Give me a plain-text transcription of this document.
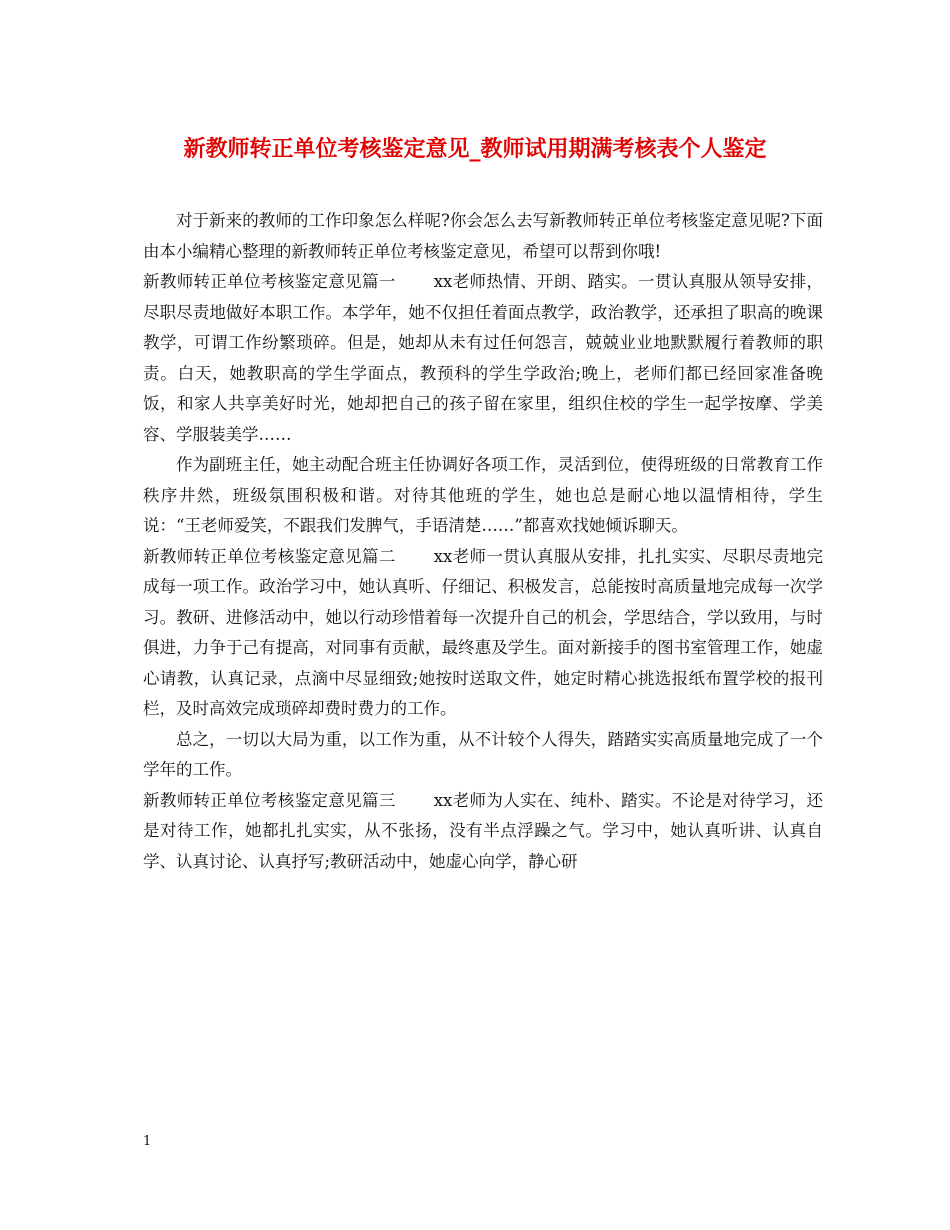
新教师转正单位考核鉴定意见_教师试用期满考核表个人鉴定

对于新来的教师的工作印象怎么样呢?你会怎么去写新教师转正单位考核鉴定意见呢?下面由本小编精心整理的新教师转正单位考核鉴定意见，希望可以帮到你哦!

新教师转正单位考核鉴定意见篇一 xx老师热情、开朗、踏实。一贯认真服从领导安排，尽职尽责地做好本职工作。本学年，她不仅担任着面点教学，政治教学，还承担了职高的晚课教学，可谓工作纷繁琐碎。但是，她却从未有过任何怨言，兢兢业业地默默履行着教师的职责。白天，她教职高的学生学面点，教预科的学生学政治;晚上，老师们都已经回家准备晚饭，和家人共享美好时光，她却把自己的孩子留在家里，组织住校的学生一起学按摩、学美容、学服装美学……

作为副班主任，她主动配合班主任协调好各项工作，灵活到位，使得班级的日常教育工作秩序井然，班级氛围积极和谐。对待其他班的学生，她也总是耐心地以温情相待，学生说：“王老师爱笑，不跟我们发脾气，手语清楚……”都喜欢找她倾诉聊天。

新教师转正单位考核鉴定意见篇二 xx老师一贯认真服从安排，扎扎实实、尽职尽责地完成每一项工作。政治学习中，她认真听、仔细记、积极发言，总能按时高质量地完成每一次学习。教研、进修活动中，她以行动珍惜着每一次提升自己的机会，学思结合，学以致用，与时俱进，力争于己有提高，对同事有贡献，最终惠及学生。面对新接手的图书室管理工作，她虚心请教，认真记录，点滴中尽显细致;她按时送取文件，她定时精心挑选报纸布置学校的报刊栏，及时高效完成琐碎却费时费力的工作。

总之，一切以大局为重，以工作为重，从不计较个人得失，踏踏实实高质量地完成了一个学年的工作。

新教师转正单位考核鉴定意见篇三 xx老师为人实在、纯朴、踏实。不论是对待学习，还是对待工作，她都扎扎实实，从不张扬，没有半点浮躁之气。学习中，她认真听讲、认真自学、认真讨论、认真抒写;教研活动中，她虚心向学，静心研

1
